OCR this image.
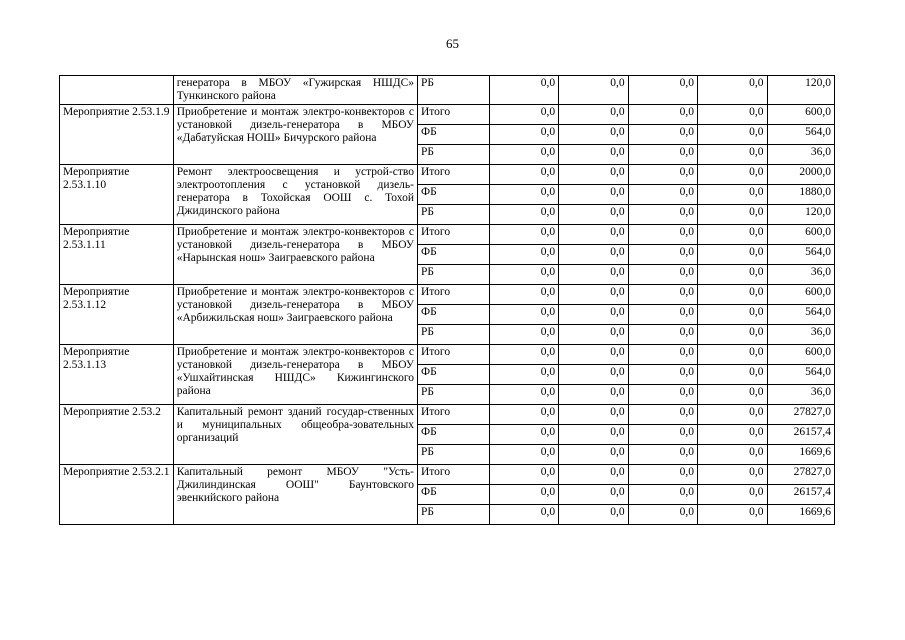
65
	генератора в МБОУ «Гужирская НШДС» Тункинского района	РБ	0,0	0,0	0,0	0,0	120,0
Мероприятие 2.53.1.9	Приобретение и монтаж электро-конвекторов с установкой дизель-генератора в МБОУ «Дабатуйская НОШ» Бичурского района	Итого	0,0	0,0	0,0	0,0	600,0
		ФБ	0,0	0,0	0,0	0,0	564,0
		РБ	0,0	0,0	0,0	0,0	36,0
Мероприятие 2.53.1.10	Ремонт электроосвещения и устрой-ство электроотопления с установкой дизель-генератора в Тохойская ООШ с. Тохой Джидинского района	Итого	0,0	0,0	0,0	0,0	2000,0
		ФБ	0,0	0,0	0,0	0,0	1880,0
		РБ	0,0	0,0	0,0	0,0	120,0
Мероприятие 2.53.1.11	Приобретение и монтаж электро-конвекторов с установкой дизель-генератора в МБОУ «Нарынская нош» Заиграевского района	Итого	0,0	0,0	0,0	0,0	600,0
		ФБ	0,0	0,0	0,0	0,0	564,0
		РБ	0,0	0,0	0,0	0,0	36,0
Мероприятие 2.53.1.12	Приобретение и монтаж электро-конвекторов с установкой дизель-генератора в МБОУ «Арбижильская нош» Заиграевского района	Итого	0,0	0,0	0,0	0,0	600,0
		ФБ	0,0	0,0	0,0	0,0	564,0
		РБ	0,0	0,0	0,0	0,0	36,0
Мероприятие 2.53.1.13	Приобретение и монтаж электро-конвекторов с установкой дизель-генератора в МБОУ «Ушхайтинская НШДС» Кижингинского района	Итого	0,0	0,0	0,0	0,0	600,0
		ФБ	0,0	0,0	0,0	0,0	564,0
		РБ	0,0	0,0	0,0	0,0	36,0
Мероприятие 2.53.2	Капитальный ремонт зданий государ-ственных и муниципальных общеобра-зовательных организаций	Итого	0,0	0,0	0,0	0,0	27827,0
		ФБ	0,0	0,0	0,0	0,0	26157,4
		РБ	0,0	0,0	0,0	0,0	1669,6
Мероприятие 2.53.2.1	Капитальный ремонт МБОУ "Усть-Джилиндинская ООШ" Баунтовского эвенкийского района	Итого	0,0	0,0	0,0	0,0	27827,0
		ФБ	0,0	0,0	0,0	0,0	26157,4
		РБ	0,0	0,0	0,0	0,0	1669,6
